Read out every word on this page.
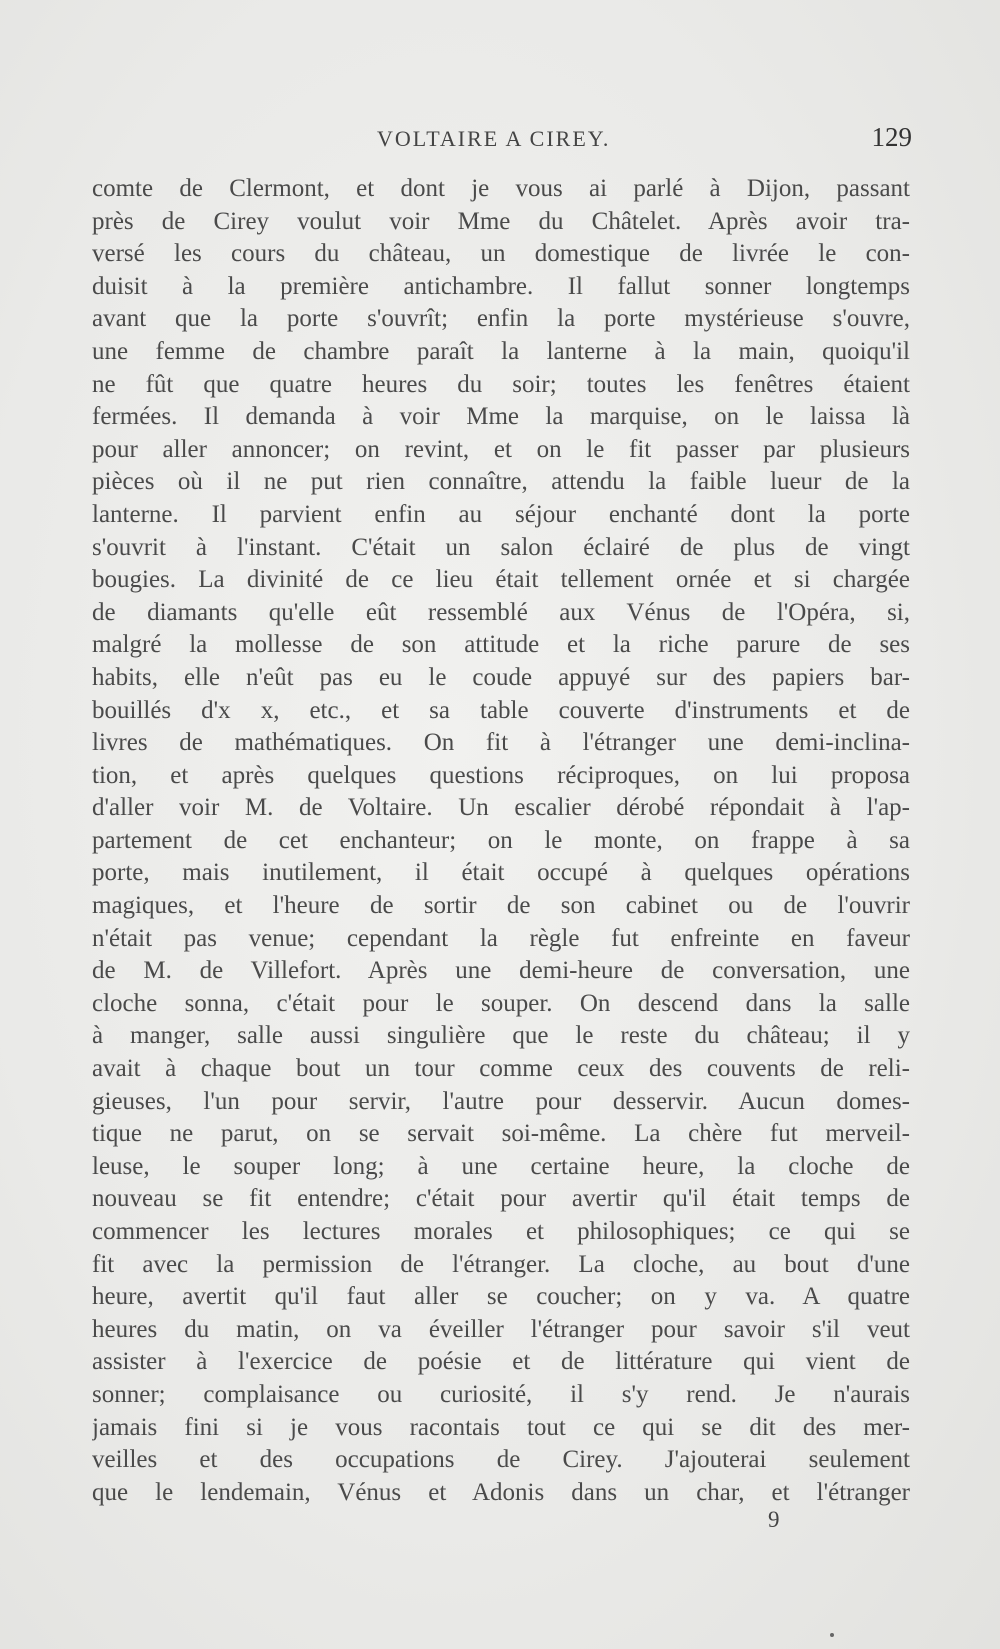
VOLTAIRE A CIREY.	129
comte de Clermont, et dont je vous ai parlé à Dijon, passant
près de Cirey voulut voir Mme du Châtelet. Après avoir tra-
versé les cours du château, un domestique de livrée le con-
duisit à la première antichambre. Il fallut sonner longtemps
avant que la porte s'ouvrît; enfin la porte mystérieuse s'ouvre,
une femme de chambre paraît la lanterne à la main, quoiqu'il
ne fût que quatre heures du soir; toutes les fenêtres étaient
fermées. Il demanda à voir Mme la marquise, on le laissa là
pour aller annoncer; on revint, et on le fit passer par plusieurs
pièces où il ne put rien connaître, attendu la faible lueur de la
lanterne. Il parvient enfin au séjour enchanté dont la porte
s'ouvrit à l'instant. C'était un salon éclairé de plus de vingt
bougies. La divinité de ce lieu était tellement ornée et si chargée
de diamants qu'elle eût ressemblé aux Vénus de l'Opéra, si,
malgré la mollesse de son attitude et la riche parure de ses
habits, elle n'eût pas eu le coude appuyé sur des papiers bar-
bouillés d'x x, etc., et sa table couverte d'instruments et de
livres de mathématiques. On fit à l'étranger une demi-inclina-
tion, et après quelques questions réciproques, on lui proposa
d'aller voir M. de Voltaire. Un escalier dérobé répondait à l'ap-
partement de cet enchanteur; on le monte, on frappe à sa
porte, mais inutilement, il était occupé à quelques opérations
magiques, et l'heure de sortir de son cabinet ou de l'ouvrir
n'était pas venue; cependant la règle fut enfreinte en faveur
de M. de Villefort. Après une demi-heure de conversation, une
cloche sonna, c'était pour le souper. On descend dans la salle
à manger, salle aussi singulière que le reste du château; il y
avait à chaque bout un tour comme ceux des couvents de reli-
gieuses, l'un pour servir, l'autre pour desservir. Aucun domes-
tique ne parut, on se servait soi-même. La chère fut merveil-
leuse, le souper long; à une certaine heure, la cloche de
nouveau se fit entendre; c'était pour avertir qu'il était temps de
commencer les lectures morales et philosophiques; ce qui se
fit avec la permission de l'étranger. La cloche, au bout d'une
heure, avertit qu'il faut aller se coucher; on y va. A quatre
heures du matin, on va éveiller l'étranger pour savoir s'il veut
assister à l'exercice de poésie et de littérature qui vient de
sonner; complaisance ou curiosité, il s'y rend. Je n'aurais
jamais fini si je vous racontais tout ce qui se dit des mer-
veilles et des occupations de Cirey. J'ajouterai seulement
que le lendemain, Vénus et Adonis dans un char, et l'étranger
9
